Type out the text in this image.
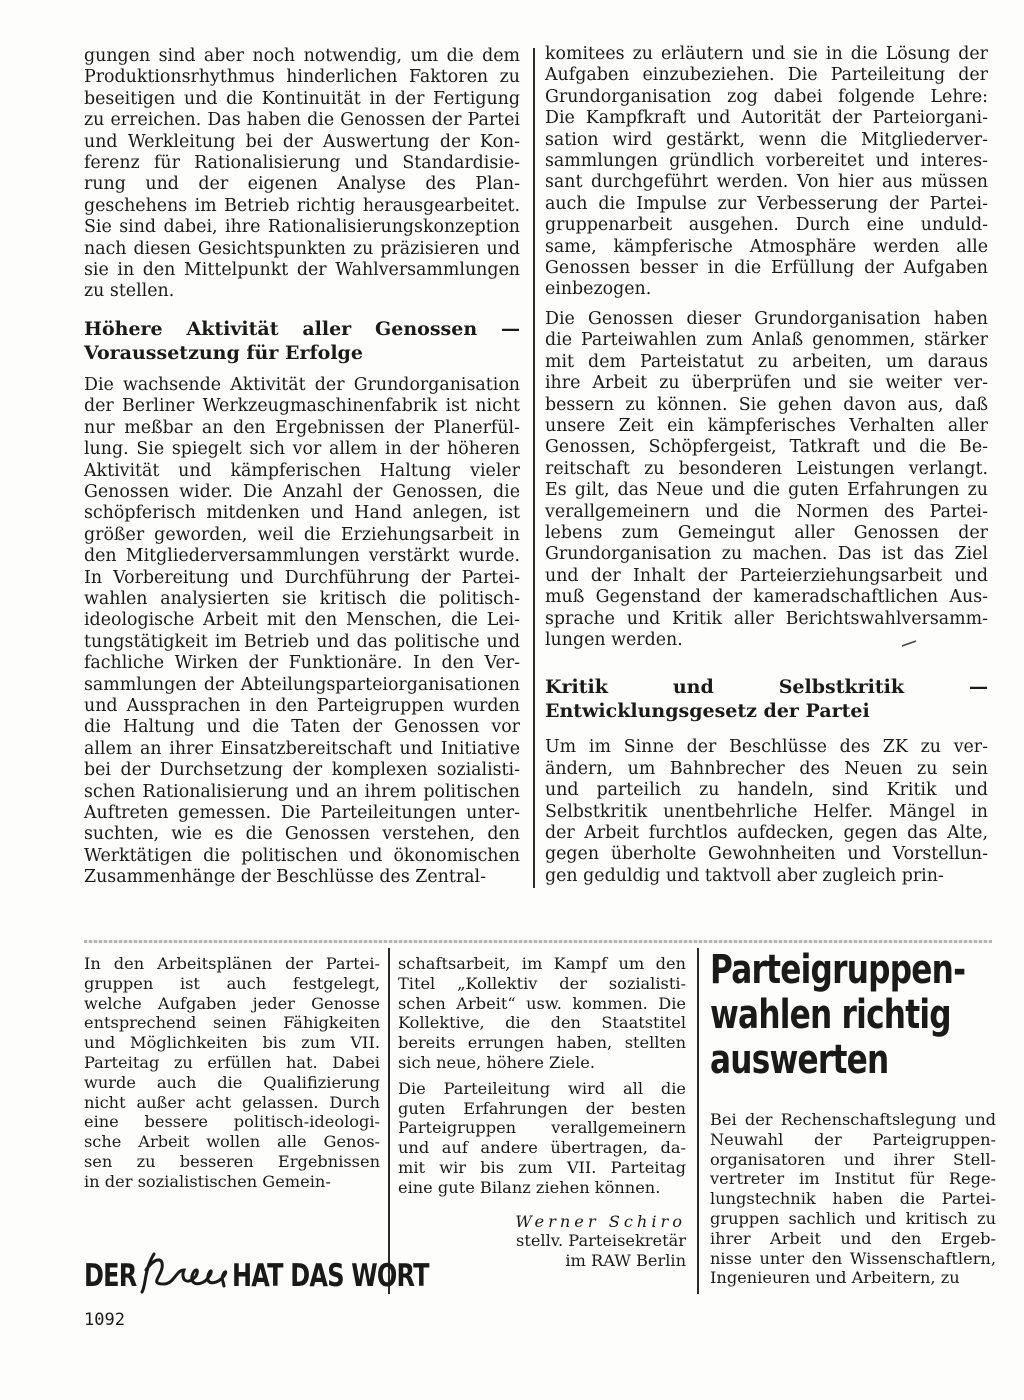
gungen sind aber noch notwendig, um die dem
Produktionsrhythmus hinderlichen Faktoren zu
beseitigen und die Kontinuität in der Fertigung
zu erreichen. Das haben die Genossen der Partei
und Werkleitung bei der Auswertung der Kon-
ferenz für Rationalisierung und Standardisie-
rung und der eigenen Analyse des Plan-
geschehens im Betrieb richtig herausgearbeitet.
Sie sind dabei, ihre Rationalisierungskonzeption
nach diesen Gesichtspunkten zu präzisieren und
sie in den Mittelpunkt der Wahlversammlungen
zu stellen.

Höhere Aktivität aller Genossen —
Voraussetzung für Erfolge

Die wachsende Aktivität der Grundorganisation
der Berliner Werkzeugmaschinenfabrik ist nicht
nur meßbar an den Ergebnissen der Planerfül-
lung. Sie spiegelt sich vor allem in der höheren
Aktivität und kämpferischen Haltung vieler
Genossen wider. Die Anzahl der Genossen, die
schöpferisch mitdenken und Hand anlegen, ist
größer geworden, weil die Erziehungsarbeit in
den Mitgliederversammlungen verstärkt wurde.
In Vorbereitung und Durchführung der Partei-
wahlen analysierten sie kritisch die politisch-
ideologische Arbeit mit den Menschen, die Lei-
tungstätigkeit im Betrieb und das politische und
fachliche Wirken der Funktionäre. In den Ver-
sammlungen der Abteilungsparteiorganisationen
und Aussprachen in den Parteigruppen wurden
die Haltung und die Taten der Genossen vor
allem an ihrer Einsatzbereitschaft und Initiative
bei der Durchsetzung der komplexen sozialisti-
schen Rationalisierung und an ihrem politischen
Auftreten gemessen. Die Parteileitungen unter-
suchten, wie es die Genossen verstehen, den
Werktätigen die politischen und ökonomischen
Zusammenhänge der Beschlüsse des Zentral-

komitees zu erläutern und sie in die Lösung der
Aufgaben einzubeziehen. Die Parteileitung der
Grundorganisation zog dabei folgende Lehre:
Die Kampfkraft und Autorität der Parteiorgani-
sation wird gestärkt, wenn die Mitgliederver-
sammlungen gründlich vorbereitet und interes-
sant durchgeführt werden. Von hier aus müssen
auch die Impulse zur Verbesserung der Partei-
gruppenarbeit ausgehen. Durch eine unduld-
same, kämpferische Atmosphäre werden alle
Genossen besser in die Erfüllung der Aufgaben
einbezogen.

Die Genossen dieser Grundorganisation haben
die Parteiwahlen zum Anlaß genommen, stärker
mit dem Parteistatut zu arbeiten, um daraus
ihre Arbeit zu überprüfen und sie weiter ver-
bessern zu können. Sie gehen davon aus, daß
unsere Zeit ein kämpferisches Verhalten aller
Genossen, Schöpfergeist, Tatkraft und die Be-
reitschaft zu besonderen Leistungen verlangt.
Es gilt, das Neue und die guten Erfahrungen zu
verallgemeinern und die Normen des Partei-
lebens zum Gemeingut aller Genossen der
Grundorganisation zu machen. Das ist das Ziel
und der Inhalt der Parteierziehungsarbeit und
muß Gegenstand der kameradschaftlichen Aus-
sprache und Kritik aller Berichtswahlversamm-
lungen werden.

Kritik und Selbstkritik —
Entwicklungsgesetz der Partei

Um im Sinne der Beschlüsse des ZK zu ver-
ändern, um Bahnbrecher des Neuen zu sein
und parteilich zu handeln, sind Kritik und
Selbstkritik unentbehrliche Helfer. Mängel in
der Arbeit furchtlos aufdecken, gegen das Alte,
gegen überholte Gewohnheiten und Vorstellun-
gen geduldig und taktvoll aber zugleich prin-

In den Arbeitsplänen der Partei-
gruppen ist auch festgelegt,
welche Aufgaben jeder Genosse
entsprechend seinen Fähigkeiten
und Möglichkeiten bis zum VII.
Parteitag zu erfüllen hat. Dabei
wurde auch die Qualifizierung
nicht außer acht gelassen. Durch
eine bessere politisch-ideologi-
sche Arbeit wollen alle Genos-
sen zu besseren Ergebnissen
in der sozialistischen Gemein-

schaftsarbeit, im Kampf um den
Titel „Kollektiv der sozialisti-
schen Arbeit“ usw. kommen. Die
Kollektive, die den Staatstitel
bereits errungen haben, stellten
sich neue, höhere Ziele.

Die Parteileitung wird all die
guten Erfahrungen der besten
Parteigruppen verallgemeinern
und auf andere übertragen, da-
mit wir bis zum VII. Parteitag
eine gute Bilanz ziehen können.

Werner Schiro
stellv. Parteisekretär
im RAW Berlin
Parteigruppen-
wahlen richtig
auswerten

Bei der Rechenschaftslegung und
Neuwahl der Parteigruppen-
organisatoren und ihrer Stell-
vertreter im Institut für Rege-
lungstechnik haben die Partei-
gruppen sachlich und kritisch zu
ihrer Arbeit und den Ergeb-
nisse unter den Wissenschaftlern,
Ingenieuren und Arbeitern, zu

DER	HAT DAS WORT
1092
